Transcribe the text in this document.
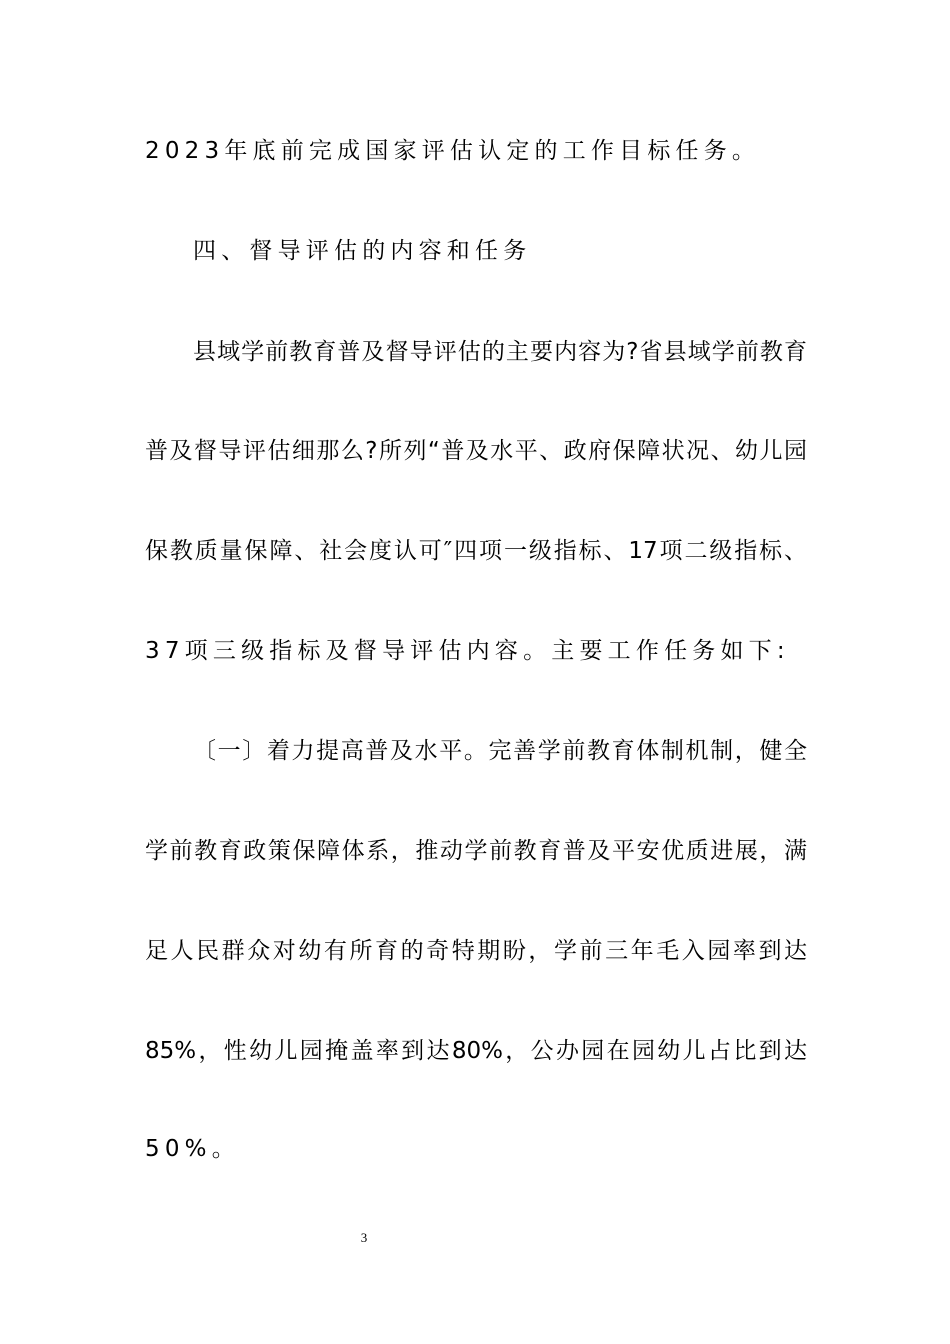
2023年底前完成国家评估认定的工作目标任务。
四、督导评估的内容和任务
县域学前教育普及督导评估的主要内容为?省县域学前教育
普及督导评估细那么?所列“普及水平、政府保障状况、幼儿园
保教质量保障、社会度认可″四项一级指标、17项二级指标、
37项三级指标及督导评估内容。主要工作任务如下:
〔一〕着力提高普及水平。完善学前教育体制机制，健全
学前教育政策保障体系，推动学前教育普及平安优质进展，满
足人民群众对幼有所育的奇特期盼，学前三年毛入园率到达
85%，性幼儿园掩盖率到达80%，公办园在园幼儿占比到达
50%。
3
